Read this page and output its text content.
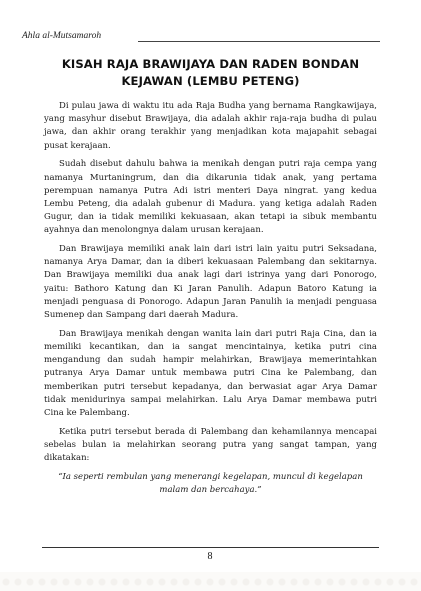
Ahla al-Mutsamaroh
KISAH RAJA BRAWIJAYA DAN RADEN BONDAN KEJAWAN (LEMBU PETENG)

Di pulau jawa di waktu itu ada Raja Budha yang bernama Rangkawijaya, yang masyhur disebut Brawijaya, dia adalah akhir raja-raja budha di pulau jawa, dan akhir orang terakhir yang menjadikan kota majapahit sebagai pusat kerajaan.

Sudah disebut dahulu bahwa ia menikah dengan putri raja cempa yang namanya Murtaningrum, dan dia dikarunia tidak anak, yang pertama perempuan namanya Putra Adi istri menteri Daya ningrat. yang kedua Lembu Peteng, dia adalah gubenur di Madura. yang ketiga adalah Raden Gugur, dan ia tidak memiliki kekuasaan, akan tetapi ia sibuk membantu ayahnya dan menolongnya dalam urusan kerajaan.

Dan Brawijaya memiliki anak lain dari istri lain yaitu putri Seksadana, namanya Arya Damar, dan ia diberi kekuasaan Palembang dan sekitarnya. Dan Brawijaya memiliki dua anak lagi dari istrinya yang dari Ponorogo, yaitu: Bathoro Katung dan Ki Jaran Panulih. Adapun Batoro Katung ia menjadi penguasa di Ponorogo. Adapun Jaran Panulih ia menjadi penguasa Sumenep dan Sampang dari daerah Madura.

Dan Brawijaya menikah dengan wanita lain dari putri Raja Cina, dan ia memiliki kecantikan, dan ia sangat mencintainya, ketika putri cina mengandung dan sudah hampir melahirkan, Brawijaya memerintahkan putranya Arya Damar untuk membawa putri Cina ke Palembang, dan memberikan putri tersebut kepadanya, dan berwasiat agar Arya Damar tidak menidurinya sampai melahirkan. Lalu Arya Damar membawa putri Cina ke Palembang.

Ketika putri tersebut berada di Palembang dan kehamilannya mencapai sebelas bulan ia melahirkan seorang putra yang sangat tampan, yang dikatakan:

“Ia seperti rembulan yang menerangi kegelapan, muncul di kegelapan malam dan bercahaya.”
8
